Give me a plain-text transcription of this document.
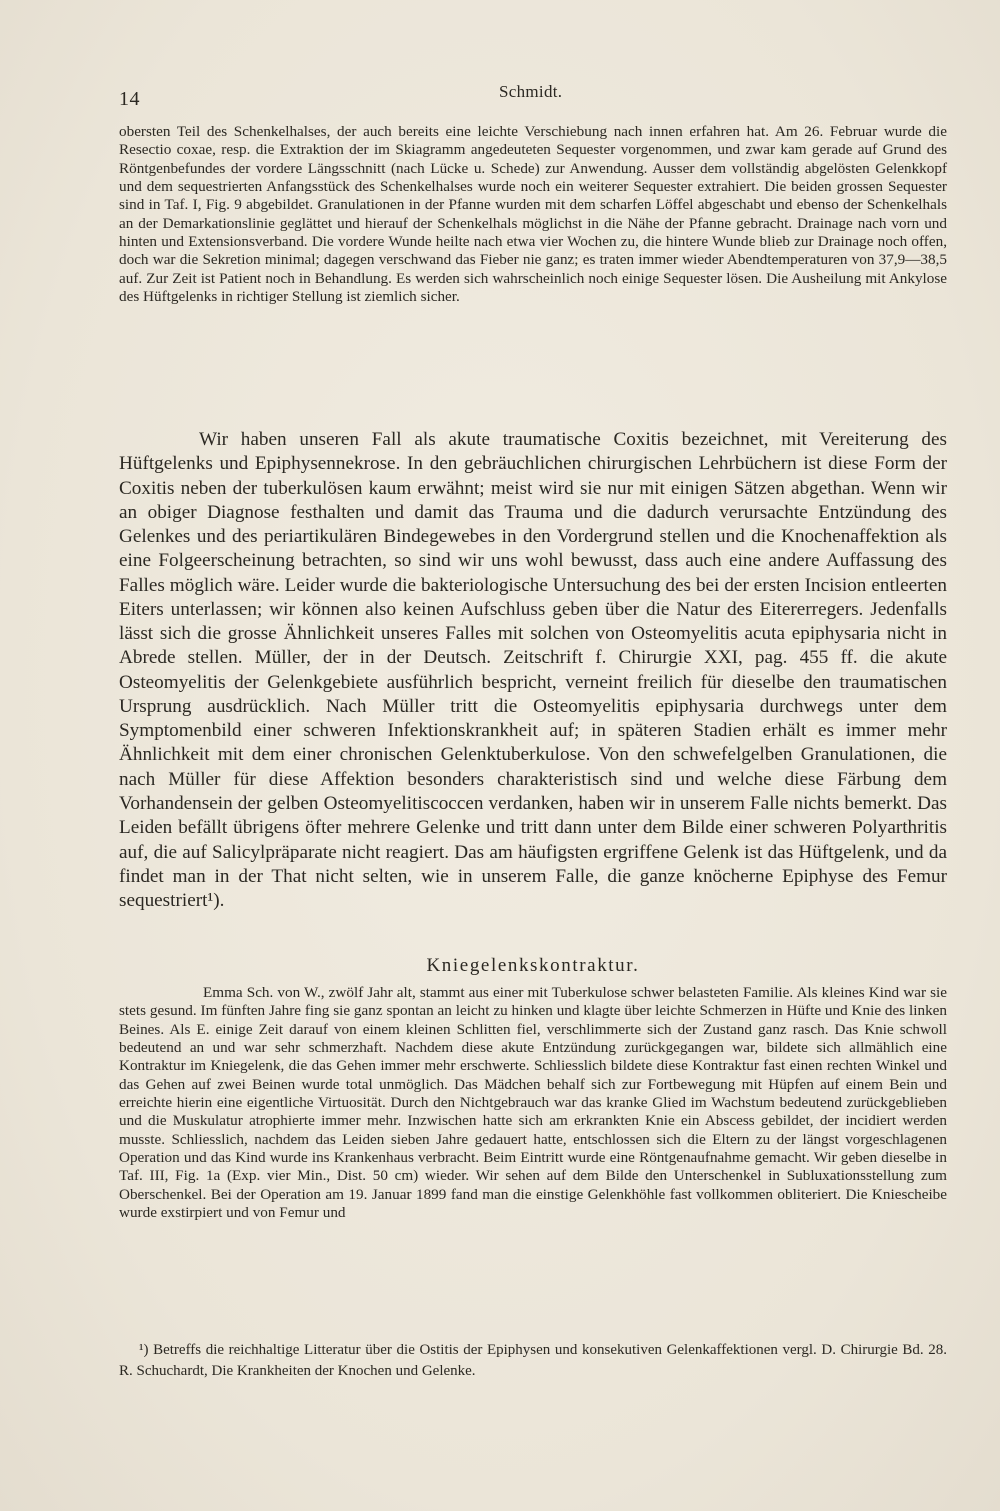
14	Schmidt.

obersten Teil des Schenkelhalses, der auch bereits eine leichte Verschiebung nach innen erfahren hat. Am 26. Februar wurde die Resectio coxae, resp. die Extraktion der im Skiagramm angedeuteten Sequester vorgenommen, und zwar kam gerade auf Grund des Röntgenbefundes der vordere Längsschnitt (nach Lücke u. Schede) zur Anwendung. Ausser dem vollständig abgelösten Gelenkkopf und dem sequestrierten Anfangsstück des Schenkelhalses wurde noch ein weiterer Sequester extrahiert. Die beiden grossen Sequester sind in Taf. I, Fig. 9 abgebildet. Granulationen in der Pfanne wurden mit dem scharfen Löffel abgeschabt und ebenso der Schenkelhals an der Demarkationslinie geglättet und hierauf der Schenkelhals möglichst in die Nähe der Pfanne gebracht. Drainage nach vorn und hinten und Extensionsverband. Die vordere Wunde heilte nach etwa vier Wochen zu, die hintere Wunde blieb zur Drainage noch offen, doch war die Sekretion minimal; dagegen verschwand das Fieber nie ganz; es traten immer wieder Abendtemperaturen von 37,9—38,5 auf. Zur Zeit ist Patient noch in Behandlung. Es werden sich wahrscheinlich noch einige Sequester lösen. Die Ausheilung mit Ankylose des Hüftgelenks in richtiger Stellung ist ziemlich sicher.

Wir haben unseren Fall als akute traumatische Coxitis bezeichnet, mit Vereiterung des Hüftgelenks und Epiphysennekrose. In den gebräuchlichen chirurgischen Lehrbüchern ist diese Form der Coxitis neben der tuberkulösen kaum erwähnt; meist wird sie nur mit einigen Sätzen abgethan. Wenn wir an obiger Diagnose festhalten und damit das Trauma und die dadurch verursachte Entzündung des Gelenkes und des periartikulären Bindegewebes in den Vordergrund stellen und die Knochenaffektion als eine Folgeerscheinung betrachten, so sind wir uns wohl bewusst, dass auch eine andere Auffassung des Falles möglich wäre. Leider wurde die bakteriologische Untersuchung des bei der ersten Incision entleerten Eiters unterlassen; wir können also keinen Aufschluss geben über die Natur des Eitererregers. Jedenfalls lässt sich die grosse Ähnlichkeit unseres Falles mit solchen von Osteomyelitis acuta epiphysaria nicht in Abrede stellen. Müller, der in der Deutsch. Zeitschrift f. Chirurgie XXI, pag. 455 ff. die akute Osteomyelitis der Gelenkgebiete ausführlich bespricht, verneint freilich für dieselbe den traumatischen Ursprung ausdrücklich. Nach Müller tritt die Osteomyelitis epiphysaria durchwegs unter dem Symptomenbild einer schweren Infektionskrankheit auf; in späteren Stadien erhält es immer mehr Ähnlichkeit mit dem einer chronischen Gelenktuberkulose. Von den schwefelgelben Granulationen, die nach Müller für diese Affektion besonders charakteristisch sind und welche diese Färbung dem Vorhandensein der gelben Osteomyelitiscoccen verdanken, haben wir in unserem Falle nichts bemerkt. Das Leiden befällt übrigens öfter mehrere Gelenke und tritt dann unter dem Bilde einer schweren Polyarthritis auf, die auf Salicylpräparate nicht reagiert. Das am häufigsten ergriffene Gelenk ist das Hüftgelenk, und da findet man in der That nicht selten, wie in unserem Falle, die ganze knöcherne Epiphyse des Femur sequestriert¹).

Kniegelenkskontraktur.

Emma Sch. von W., zwölf Jahr alt, stammt aus einer mit Tuberkulose schwer belasteten Familie. Als kleines Kind war sie stets gesund. Im fünften Jahre fing sie ganz spontan an leicht zu hinken und klagte über leichte Schmerzen in Hüfte und Knie des linken Beines. Als E. einige Zeit darauf von einem kleinen Schlitten fiel, verschlimmerte sich der Zustand ganz rasch. Das Knie schwoll bedeutend an und war sehr schmerzhaft. Nachdem diese akute Entzündung zurückgegangen war, bildete sich allmählich eine Kontraktur im Kniegelenk, die das Gehen immer mehr erschwerte. Schliesslich bildete diese Kontraktur fast einen rechten Winkel und das Gehen auf zwei Beinen wurde total unmöglich. Das Mädchen behalf sich zur Fortbewegung mit Hüpfen auf einem Bein und erreichte hierin eine eigentliche Virtuosität. Durch den Nichtgebrauch war das kranke Glied im Wachstum bedeutend zurückgeblieben und die Muskulatur atrophierte immer mehr. Inzwischen hatte sich am erkrankten Knie ein Abscess gebildet, der incidiert werden musste. Schliesslich, nachdem das Leiden sieben Jahre gedauert hatte, entschlossen sich die Eltern zu der längst vorgeschlagenen Operation und das Kind wurde ins Krankenhaus verbracht. Beim Eintritt wurde eine Röntgenaufnahme gemacht. Wir geben dieselbe in Taf. III, Fig. 1a (Exp. vier Min., Dist. 50 cm) wieder. Wir sehen auf dem Bilde den Unterschenkel in Subluxationsstellung zum Oberschenkel. Bei der Operation am 19. Januar 1899 fand man die einstige Gelenkhöhle fast vollkommen obliteriert. Die Kniescheibe wurde exstirpiert und von Femur und

¹) Betreffs die reichhaltige Litteratur über die Ostitis der Epiphysen und konsekutiven Gelenkaffektionen vergl. D. Chirurgie Bd. 28. R. Schuchardt, Die Krankheiten der Knochen und Gelenke.
